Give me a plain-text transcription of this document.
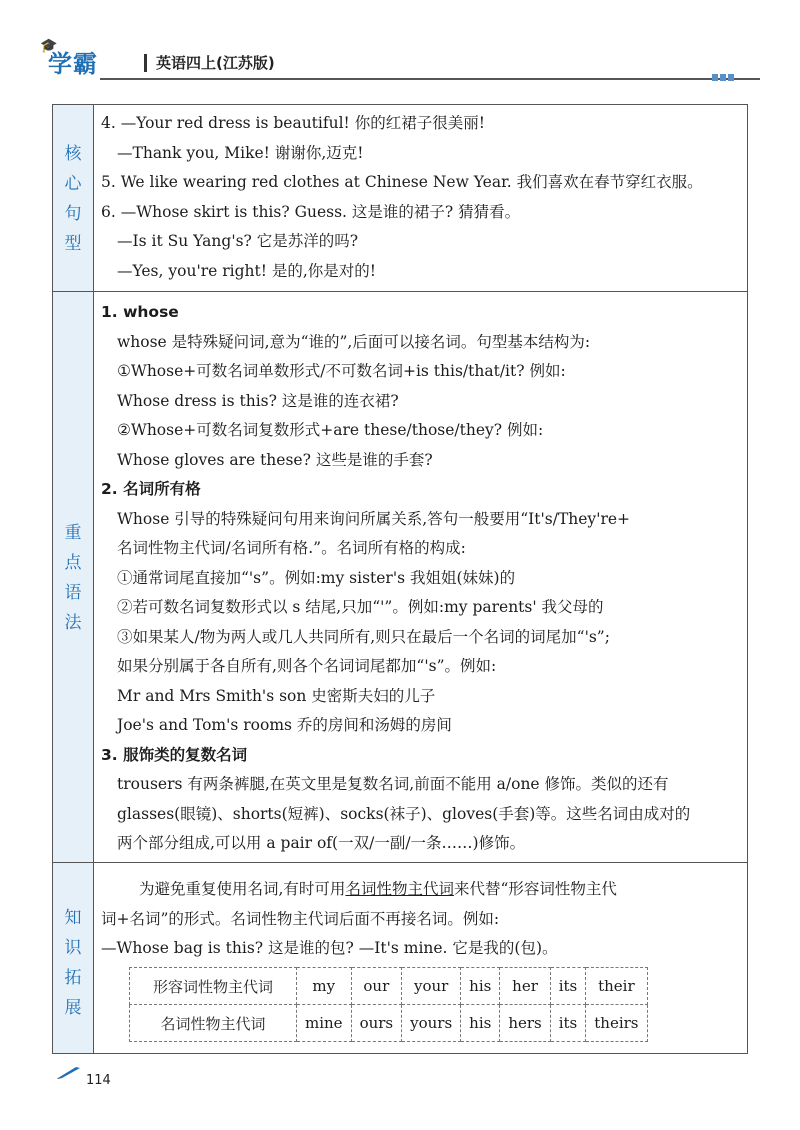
🎓
学霸	英语四上(江苏版)
核
心
句
型
4. —Your red dress is beautiful! 你的红裙子很美丽!
—Thank you, Mike! 谢谢你,迈克!
5. We like wearing red clothes at Chinese New Year. 我们喜欢在春节穿红衣服。
6. —Whose skirt is this? Guess. 这是谁的裙子? 猜猜看。
—Is it Su Yang's? 它是苏洋的吗?
—Yes, you're right! 是的,你是对的!
重
点
语
法
1. whose
whose 是特殊疑问词,意为“谁的”,后面可以接名词。句型基本结构为:
①Whose+可数名词单数形式/不可数名词+is this/that/it? 例如:
Whose dress is this? 这是谁的连衣裙?
②Whose+可数名词复数形式+are these/those/they? 例如:
Whose gloves are these? 这些是谁的手套?
2. 名词所有格
Whose 引导的特殊疑问句用来询问所属关系,答句一般要用“It's/They're+
名词性物主代词/名词所有格.”。名词所有格的构成:
①通常词尾直接加“'s”。例如:my sister's 我姐姐(妹妹)的
②若可数名词复数形式以 s 结尾,只加“'”。例如:my parents' 我父母的
③如果某人/物为两人或几人共同所有,则只在最后一个名词的词尾加“'s”;
如果分别属于各自所有,则各个名词词尾都加“'s”。例如:
Mr and Mrs Smith's son 史密斯夫妇的儿子
Joe's and Tom's rooms 乔的房间和汤姆的房间
3. 服饰类的复数名词
trousers 有两条裤腿,在英文里是复数名词,前面不能用 a/one 修饰。类似的还有
glasses(眼镜)、shorts(短裤)、socks(袜子)、gloves(手套)等。这些名词由成对的
两个部分组成,可以用 a pair of(一双/一副/一条……)修饰。
知
识
拓
展
为避免重复使用名词,有时可用名词性物主代词来代替“形容词性物主代
词+名词”的形式。名词性物主代词后面不再接名词。例如:
—Whose bag is this? 这是谁的包? —It's mine. 它是我的(包)。
形容词性物主代词	my	our	your	his	her	its	their
名词性物主代词	mine	ours	yours	his	hers	its	theirs
114
